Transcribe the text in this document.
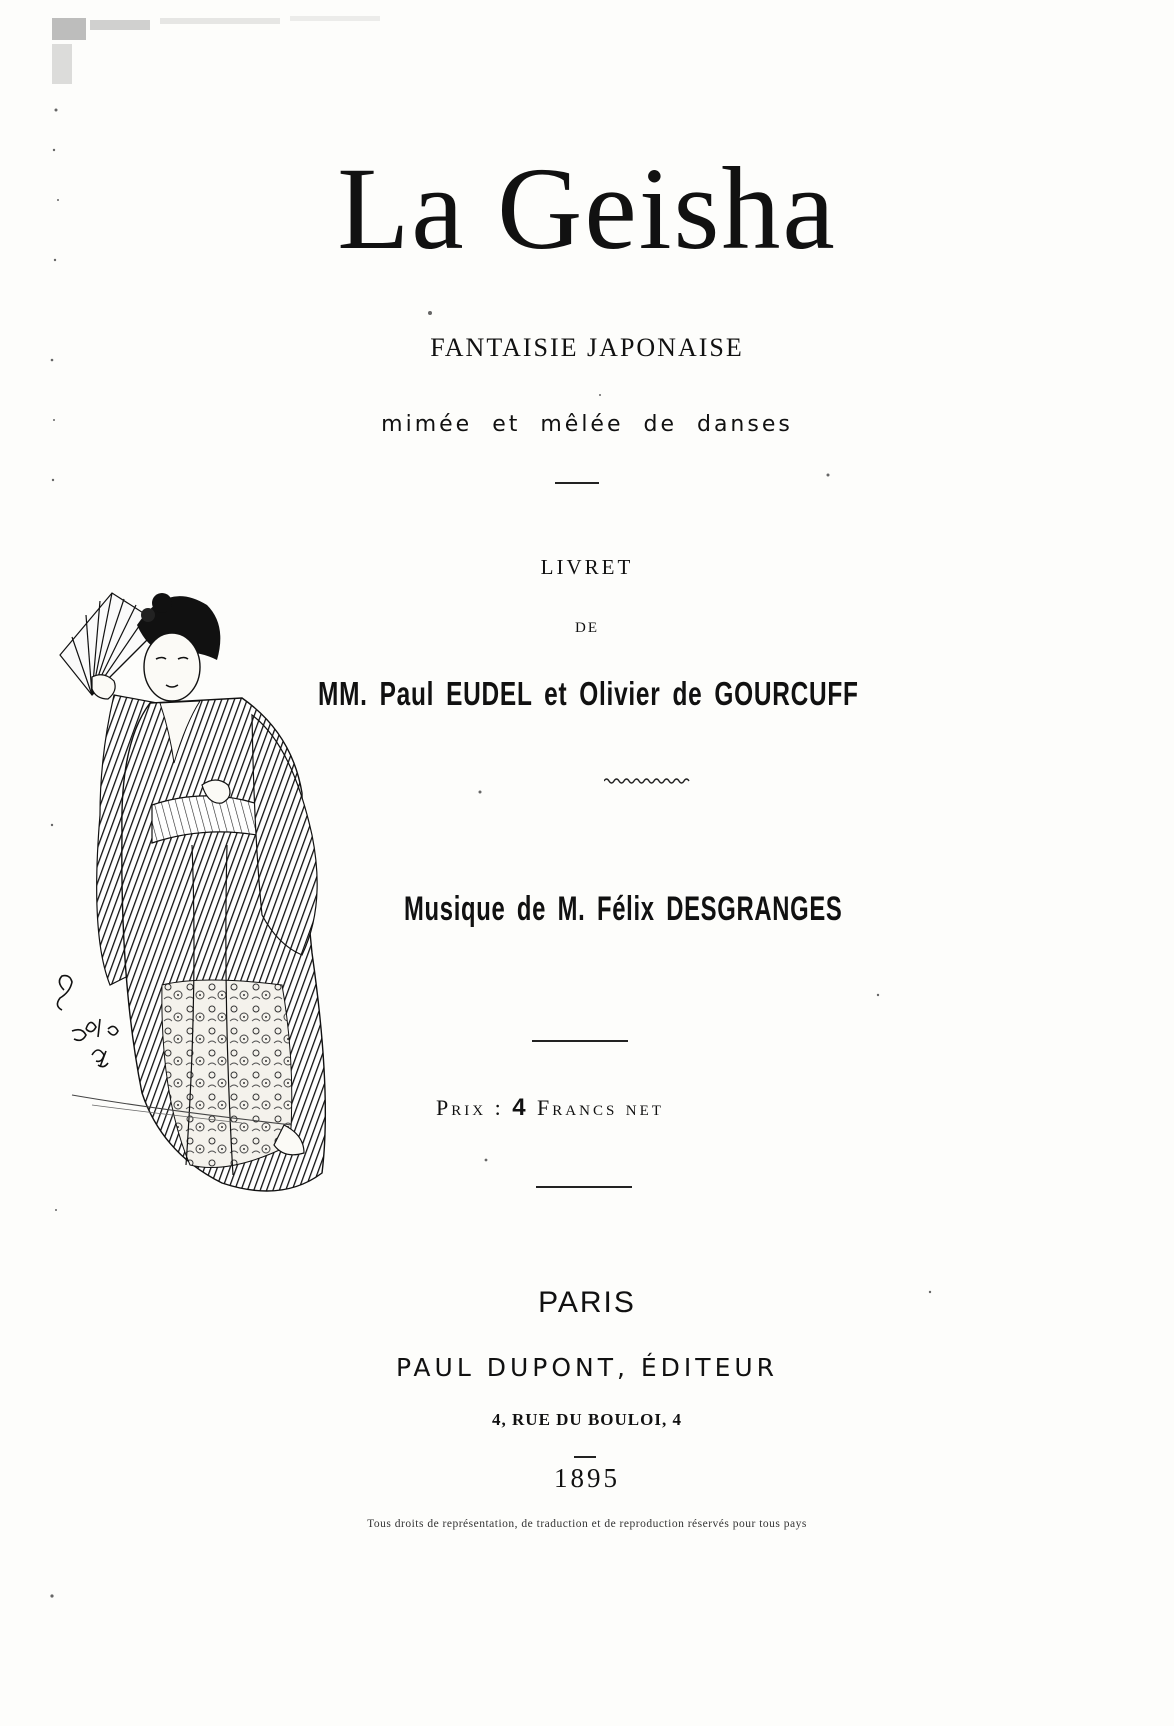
La Geisha
FANTAISIE JAPONAISE
mimée et mêlée de danses
LIVRET
DE
MM. Paul EUDEL et Olivier de GOURCUFF
Musique de M. Félix DESGRANGES
Prix : 4 Francs net
PARIS
PAUL DUPONT, ÉDITEUR
4, RUE DU BOULOI, 4
1895
Tous droits de représentation, de traduction et de reproduction réservés pour tous pays
